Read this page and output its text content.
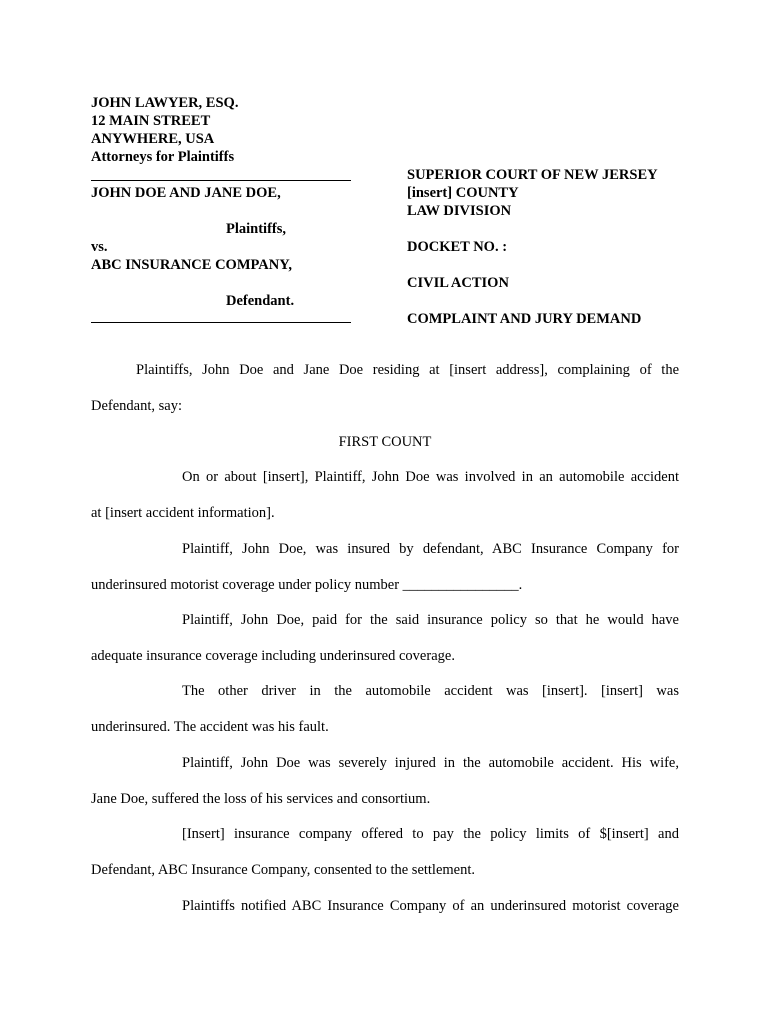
JOHN LAWYER, ESQ.
12 MAIN STREET
ANYWHERE, USA
Attorneys for Plaintiffs
JOHN DOE AND JANE DOE,
Plaintiffs,
vs.
ABC INSURANCE COMPANY,
Defendant.
SUPERIOR COURT OF NEW JERSEY
[insert] COUNTY
LAW DIVISION
DOCKET NO. :
CIVIL ACTION
COMPLAINT AND JURY DEMAND
Plaintiffs, John Doe and Jane Doe residing at [insert address], complaining of the
Defendant, say:
FIRST COUNT
On or about [insert], Plaintiff, John Doe was involved in an automobile accident
at [insert accident information].
Plaintiff, John Doe, was insured by defendant, ABC Insurance Company for
underinsured motorist coverage under policy number ________________.
Plaintiff, John Doe, paid for the said insurance policy so that he would have
adequate insurance coverage including underinsured coverage.
The other driver in the automobile accident was [insert]. [insert] was
underinsured. The accident was his fault.
Plaintiff, John Doe was severely injured in the automobile accident. His wife,
Jane Doe, suffered the loss of his services and consortium.
[Insert] insurance company offered to pay the policy limits of $[insert] and
Defendant, ABC Insurance Company, consented to the settlement.
Plaintiffs notified ABC Insurance Company of an underinsured motorist coverage
